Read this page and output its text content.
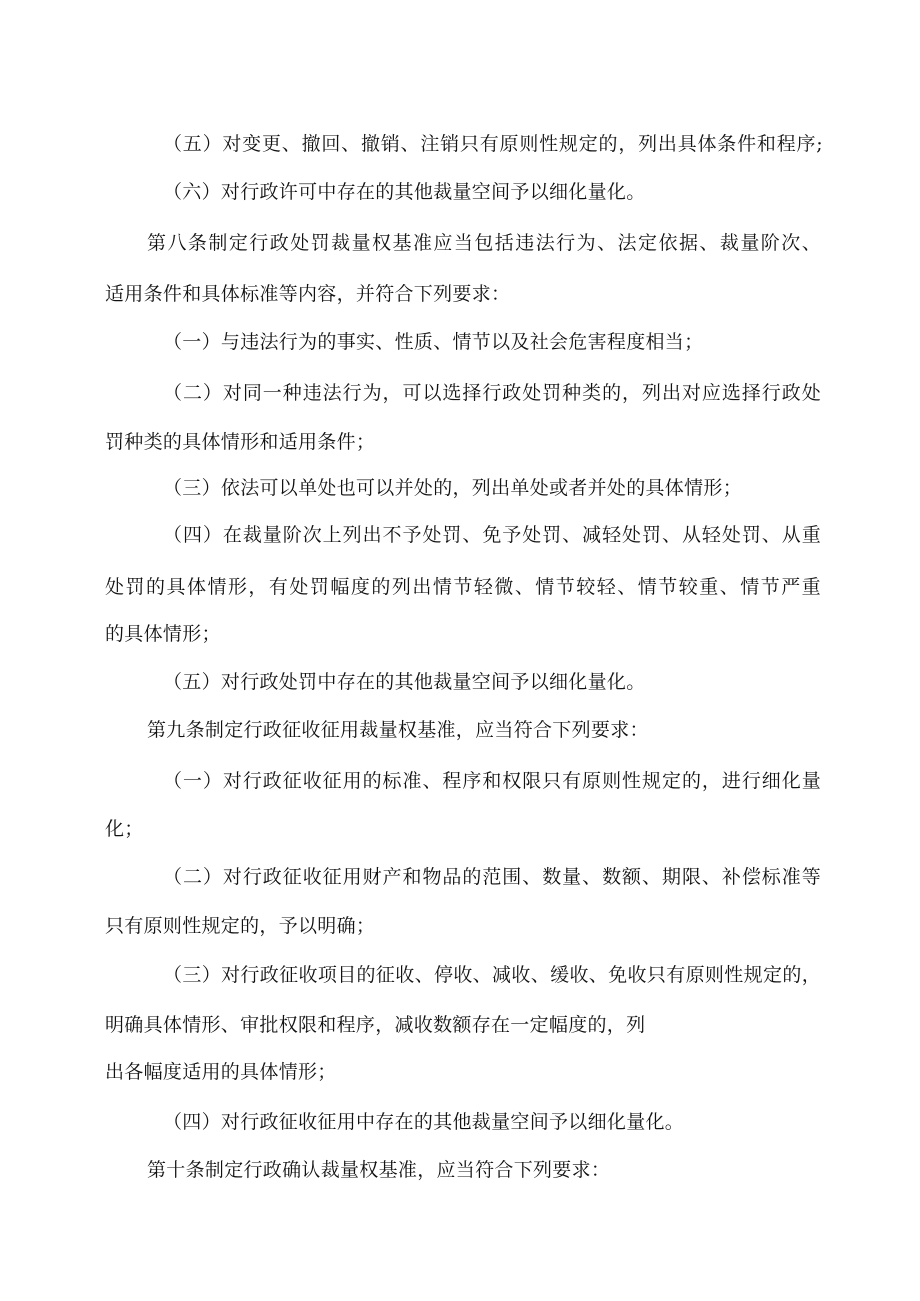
（五）对变更、撤回、撤销、注销只有原则性规定的，列出具体条件和程序;
（六）对行政许可中存在的其他裁量空间予以细化量化。
第八条制定行政处罚裁量权基准应当包括违法行为、法定依据、裁量阶次、
适用条件和具体标准等内容，并符合下列要求：
（一）与违法行为的事实、性质、情节以及社会危害程度相当；
（二）对同一种违法行为，可以选择行政处罚种类的，列出对应选择行政处
罚种类的具体情形和适用条件；
（三）依法可以单处也可以并处的，列出单处或者并处的具体情形；
（四）在裁量阶次上列出不予处罚、免予处罚、减轻处罚、从轻处罚、从重
处罚的具体情形，有处罚幅度的列出情节轻微、情节较轻、情节较重、情节严重
的具体情形；
（五）对行政处罚中存在的其他裁量空间予以细化量化。
第九条制定行政征收征用裁量权基准，应当符合下列要求：
（一）对行政征收征用的标准、程序和权限只有原则性规定的，进行细化量
化；
（二）对行政征收征用财产和物品的范围、数量、数额、期限、补偿标准等
只有原则性规定的，予以明确；
（三）对行政征收项目的征收、停收、减收、缓收、免收只有原则性规定的，
明确具体情形、审批权限和程序，减收数额存在一定幅度的，列
出各幅度适用的具体情形；
（四）对行政征收征用中存在的其他裁量空间予以细化量化。
第十条制定行政确认裁量权基准，应当符合下列要求：
